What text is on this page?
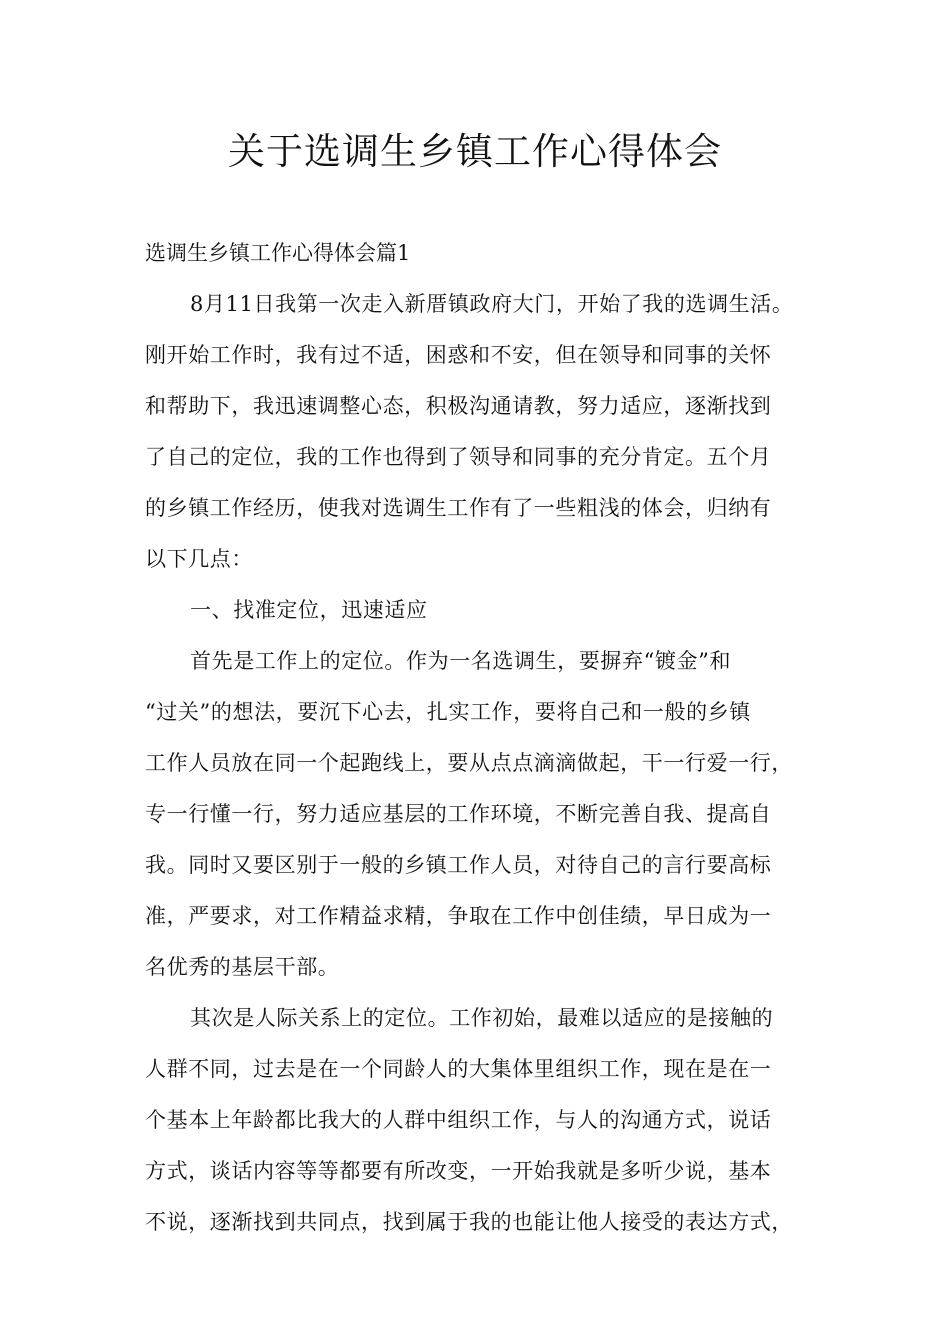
关于选调生乡镇工作心得体会
选调生乡镇工作心得体会篇1
8月11日我第一次走入新厝镇政府大门，开始了我的选调生活。
刚开始工作时，我有过不适，困惑和不安，但在领导和同事的关怀
和帮助下，我迅速调整心态，积极沟通请教，努力适应，逐渐找到
了自己的定位，我的工作也得到了领导和同事的充分肯定。五个月
的乡镇工作经历，使我对选调生工作有了一些粗浅的体会，归纳有
以下几点：
一、找准定位，迅速适应
首先是工作上的定位。作为一名选调生，要摒弃“镀金”和
“过关”的想法，要沉下心去，扎实工作，要将自己和一般的乡镇
工作人员放在同一个起跑线上，要从点点滴滴做起，干一行爱一行，
专一行懂一行，努力适应基层的工作环境，不断完善自我、提高自
我。同时又要区别于一般的乡镇工作人员，对待自己的言行要高标
准，严要求，对工作精益求精，争取在工作中创佳绩，早日成为一
名优秀的基层干部。
其次是人际关系上的定位。工作初始，最难以适应的是接触的
人群不同，过去是在一个同龄人的大集体里组织工作，现在是在一
个基本上年龄都比我大的人群中组织工作，与人的沟通方式，说话
方式，谈话内容等等都要有所改变，一开始我就是多听少说，基本
不说，逐渐找到共同点，找到属于我的也能让他人接受的表达方式，
